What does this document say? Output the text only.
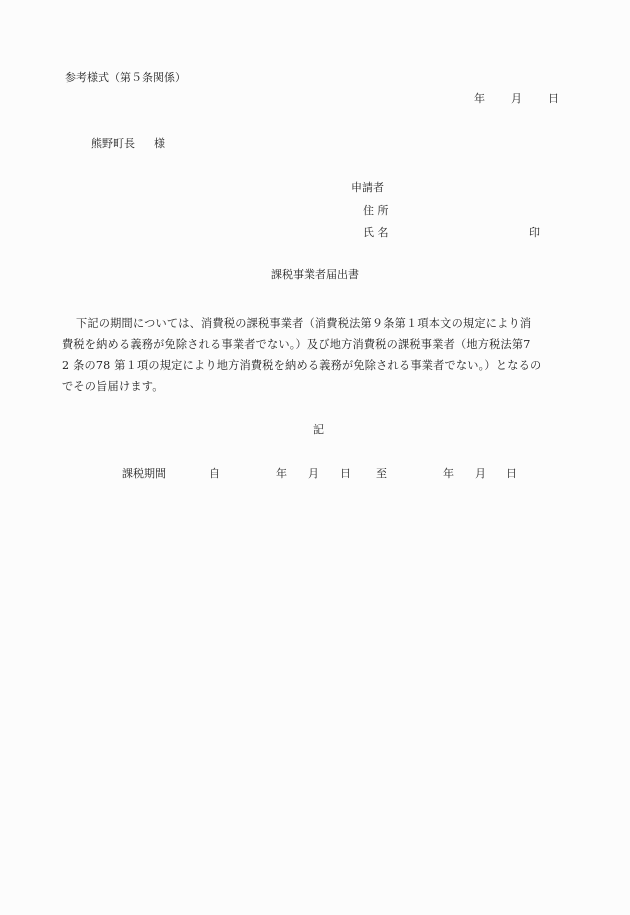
参考様式（第５条関係）
年 月 日
熊野町長 様
申請者
住 所
氏 名	印
課税事業者届出書
下記の期間については、消費税の課税事業者（消費税法第９条第１項本文の規定により消
費税を納める義務が免除される事業者でない。）及び地方消費税の課税事業者（地方税法第7
2 条の78 第１項の規定により地方消費税を納める義務が免除される事業者でない。）となるの
でその旨届けます。
記
課税期間	自	年 月 日 至	年 月 日
